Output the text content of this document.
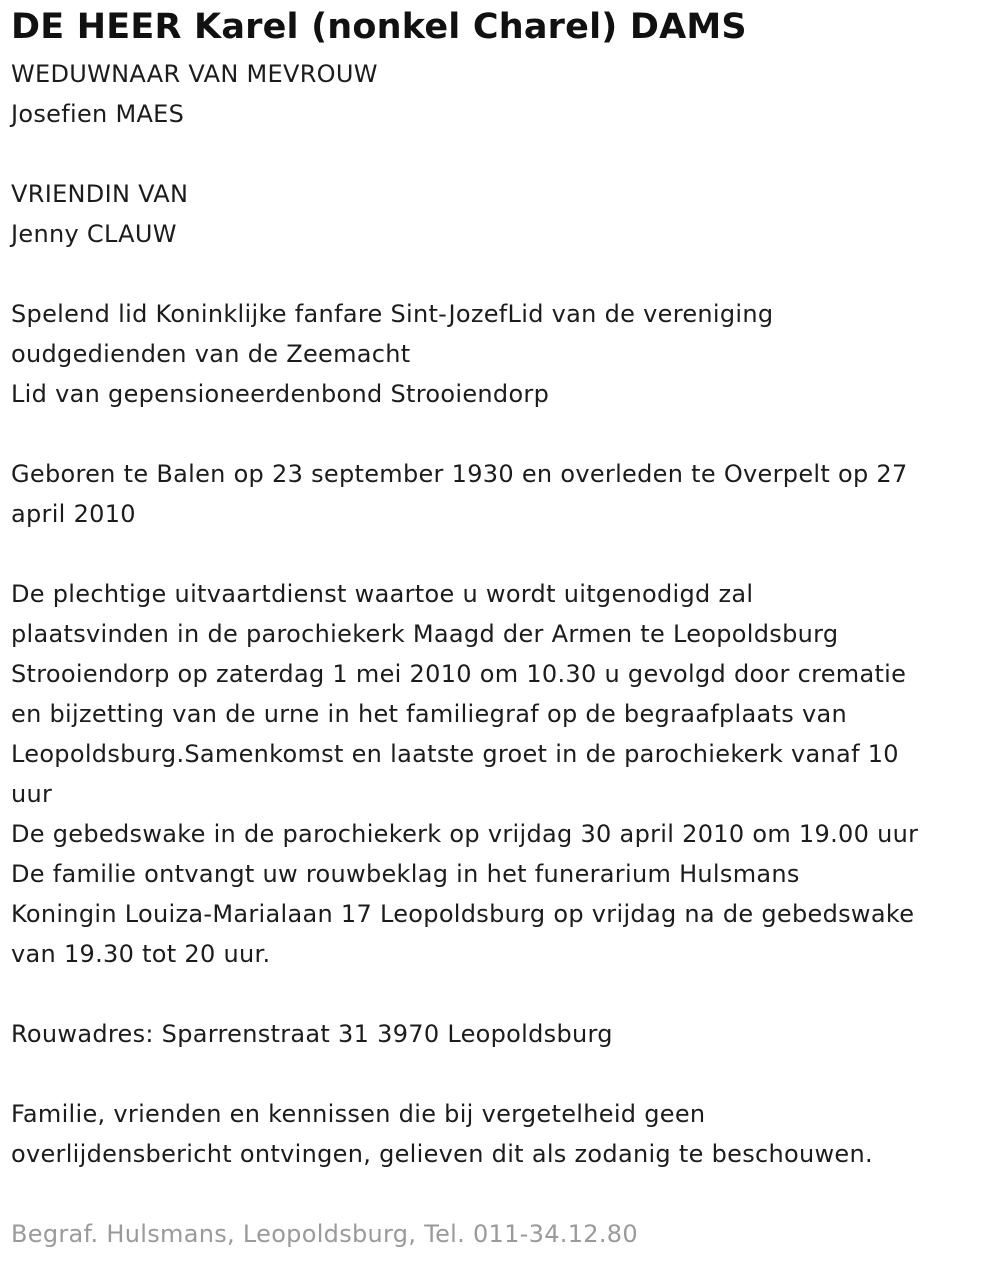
DE HEER Karel (nonkel Charel) DAMS
WEDUWNAAR VAN MEVROUW
Josefien MAES
VRIENDIN VAN
Jenny CLAUW
Spelend lid Koninklijke fanfare Sint-JozefLid van de vereniging
oudgedienden van de Zeemacht
Lid van gepensioneerdenbond Strooiendorp
Geboren te Balen op 23 september 1930 en overleden te Overpelt op 27
april 2010
De plechtige uitvaartdienst waartoe u wordt uitgenodigd zal
plaatsvinden in de parochiekerk Maagd der Armen te Leopoldsburg
Strooiendorp op zaterdag 1 mei 2010 om 10.30 u gevolgd door crematie
en bijzetting van de urne in het familiegraf op de begraafplaats van
Leopoldsburg.Samenkomst en laatste groet in de parochiekerk vanaf 10
uur
De gebedswake in de parochiekerk op vrijdag 30 april 2010 om 19.00 uur
De familie ontvangt uw rouwbeklag in het funerarium Hulsmans
Koningin Louiza-Marialaan 17 Leopoldsburg op vrijdag na de gebedswake
van 19.30 tot 20 uur.
Rouwadres: Sparrenstraat 31 3970 Leopoldsburg
Familie, vrienden en kennissen die bij vergetelheid geen
overlijdensbericht ontvingen, gelieven dit als zodanig te beschouwen.
Begraf. Hulsmans, Leopoldsburg, Tel. 011-34.12.80
